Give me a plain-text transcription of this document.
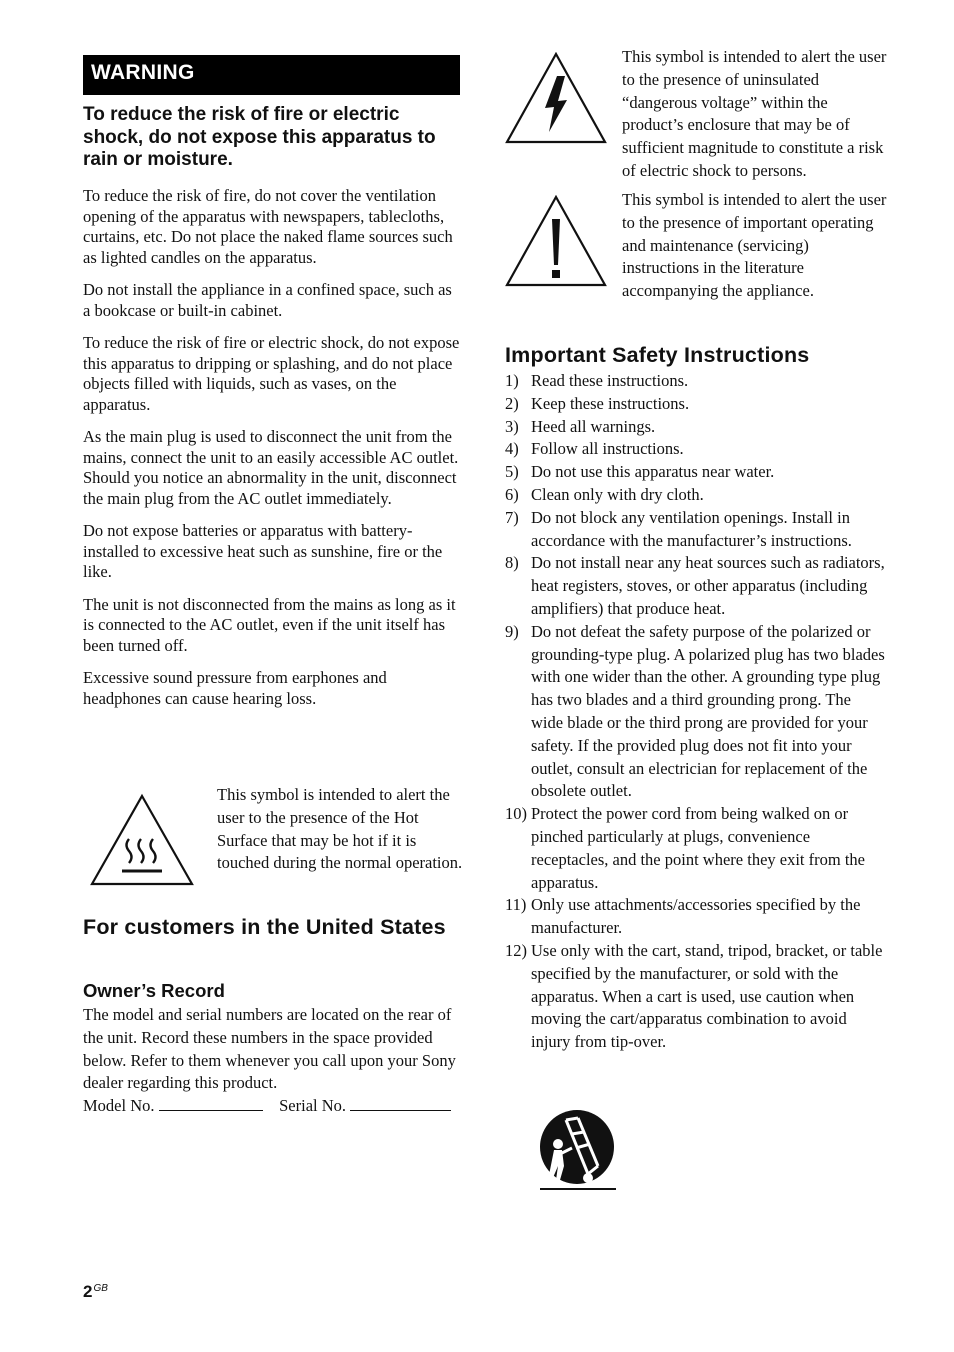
WARNING
To reduce the risk of fire or electric shock, do not expose this apparatus to rain or moisture.

To reduce the risk of fire, do not cover the ventilation opening of the apparatus with newspapers, tablecloths, curtains, etc. Do not place the naked flame sources such as lighted candles on the apparatus.

Do not install the appliance in a confined space, such as a bookcase or built-in cabinet.

To reduce the risk of fire or electric shock, do not expose this apparatus to dripping or splashing, and do not place objects filled with liquids, such as vases, on the apparatus.

As the main plug is used to disconnect the unit from the mains, connect the unit to an easily accessible AC outlet. Should you notice an abnormality in the unit, disconnect the main plug from the AC outlet immediately.

Do not expose batteries or apparatus with battery-installed to excessive heat such as sunshine, fire or the like.

The unit is not disconnected from the mains as long as it is connected to the AC outlet, even if the unit itself has been turned off.

Excessive sound pressure from earphones and headphones can cause hearing loss.

This symbol is intended to alert the user to the presence of the Hot Surface that may be hot if it is touched during the normal operation.
For customers in the United States
Owner’s Record

The model and serial numbers are located on the rear of the unit. Record these numbers in the space provided below. Refer to them whenever you call upon your Sony dealer regarding this product.

Model No.	Serial No.

This symbol is intended to alert the user to the presence of uninsulated “dangerous voltage” within the product’s enclosure that may be of sufficient magnitude to constitute a risk of electric shock to persons.
This symbol is intended to alert the user to the presence of important operating and maintenance (servicing) instructions in the literature accompanying the appliance.
Important Safety Instructions
1) Read these instructions.
2) Keep these instructions.
3) Heed all warnings.
4) Follow all instructions.
5) Do not use this apparatus near water.
6) Clean only with dry cloth.
7) Do not block any ventilation openings. Install in accordance with the manufacturer’s instructions.
8) Do not install near any heat sources such as radiators, heat registers, stoves, or other apparatus (including amplifiers) that produce heat.
9) Do not defeat the safety purpose of the polarized or grounding-type plug. A polarized plug has two blades with one wider than the other. A grounding type plug has two blades and a third grounding prong. The wide blade or the third prong are provided for your safety. If the provided plug does not fit into your outlet, consult an electrician for replacement of the obsolete outlet.
10) Protect the power cord from being walked on or pinched particularly at plugs, convenience receptacles, and the point where they exit from the apparatus.
11) Only use attachments/accessories specified by the manufacturer.
12) Use only with the cart, stand, tripod, bracket, or table specified by the manufacturer, or sold with the apparatus. When a cart is used, use caution when moving the cart/apparatus combination to avoid injury from tip-over.
$2^{GB}$
